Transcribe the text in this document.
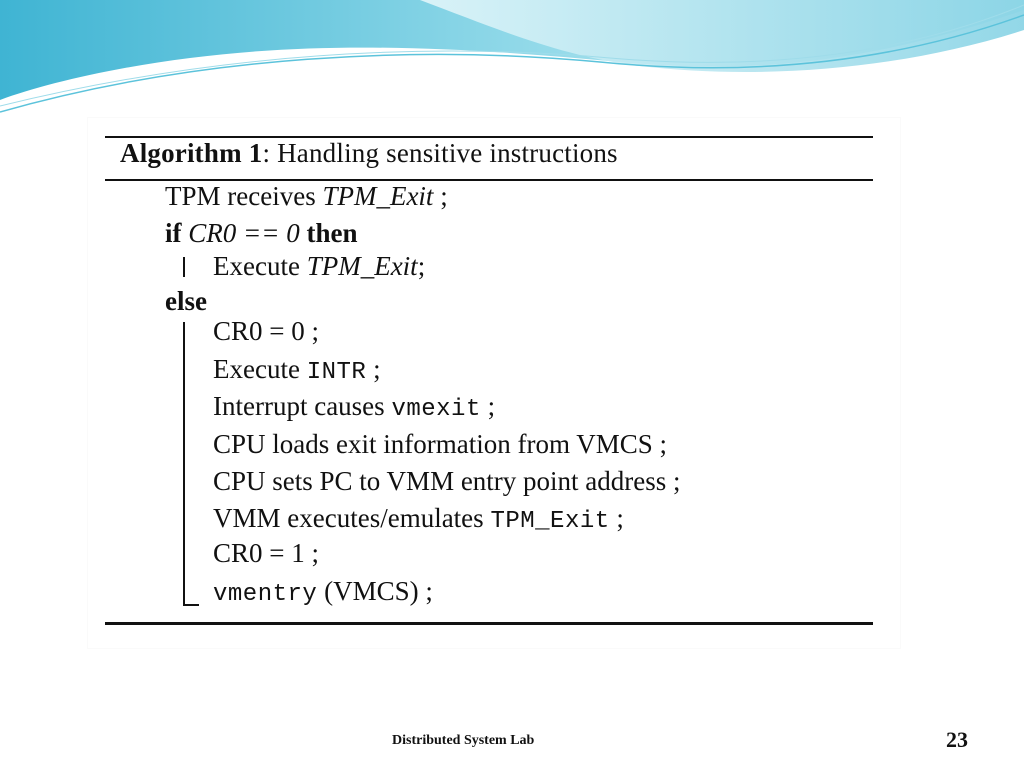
Algorithm 1: Handling sensitive instructions
TPM receives TPM_Exit ;
if CR0 == 0 then
Execute TPM_Exit;
else
CR0 = 0 ;
Execute INTR ;
Interrupt causes vmexit ;
CPU loads exit information from VMCS ;
CPU sets PC to VMM entry point address ;
VMM executes/emulates TPM_Exit ;
CR0 = 1 ;
vmentry (VMCS) ;
Distributed System Lab	23
